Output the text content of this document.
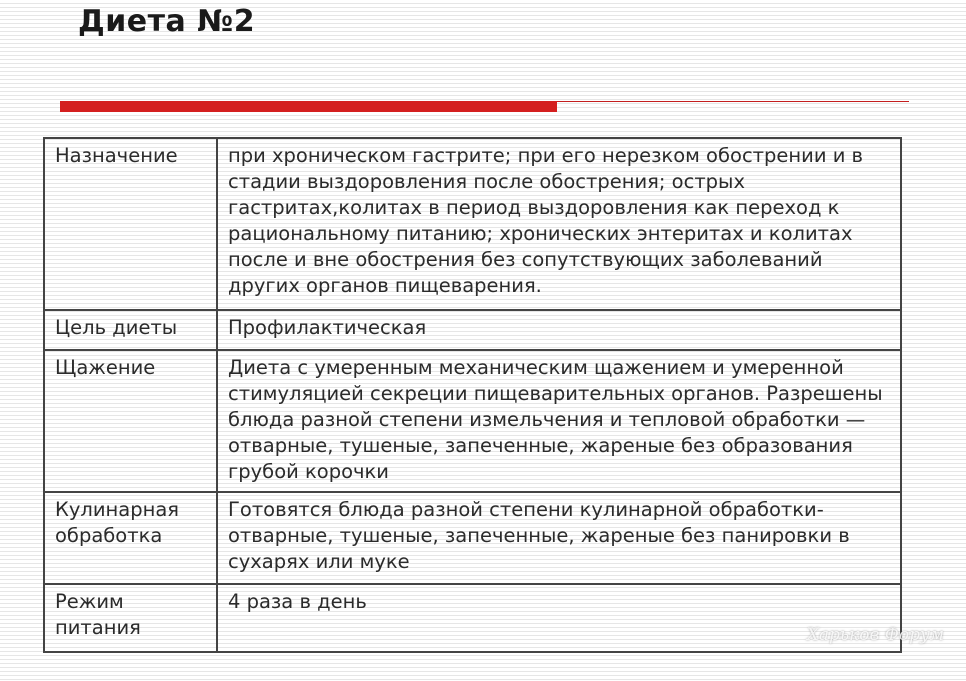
Диета №2
Назначение	при хроническом гастрите; при его нерезком обострении и в стадии выздоровления после обострения; острых гастритах,колитах в период выздоровления как переход к рациональному питанию; хронических энтеритах и колитах после и вне обострения без сопутствующих заболеваний других органов пищеварения.
Цель диеты	Профилактическая
Щажение	Диета с умеренным механическим щажением и умеренной стимуляцией секреции пищеварительных органов. Разрешены блюда разной степени измельчения и тепловой обработки — отварные, тушеные, запеченные, жареные без образования грубой корочки
Кулинарная обработка	Готовятся блюда разной степени кулинарной обработки-отварные, тушеные, запеченные, жареные без панировки в сухарях или муке
Режим питания	4 раза в день
Харьков Форум
